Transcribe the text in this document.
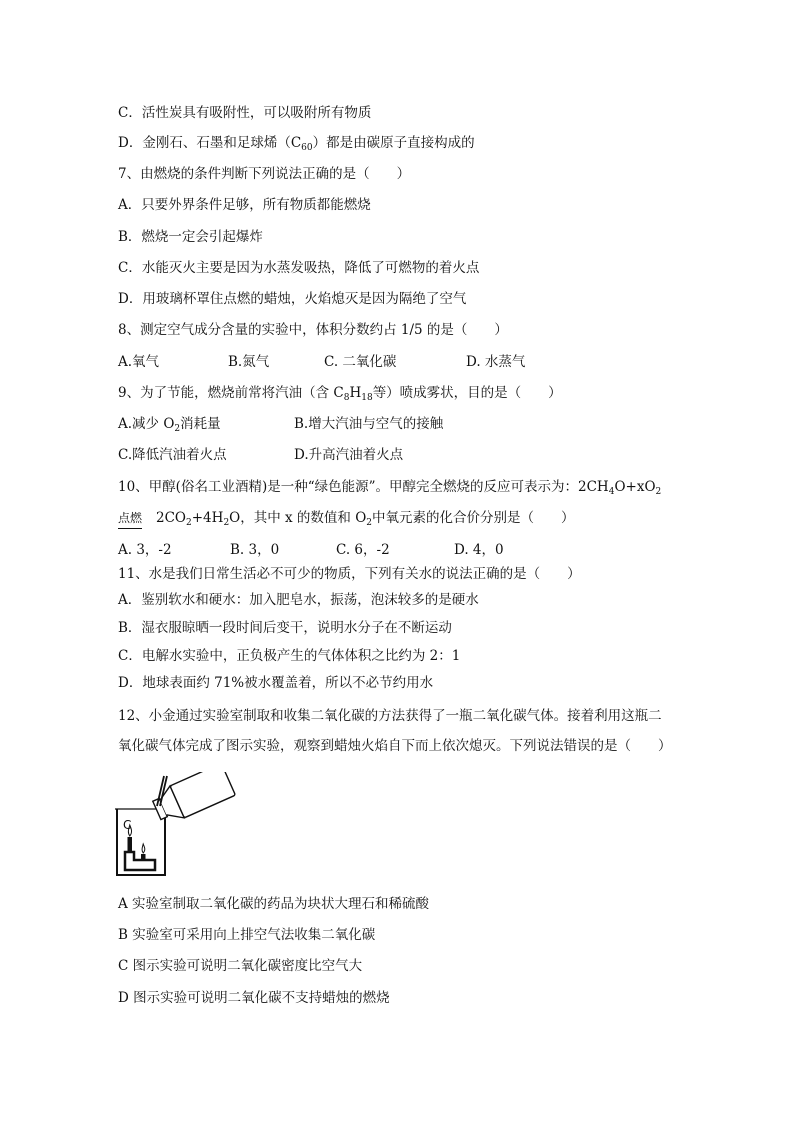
C．活性炭具有吸附性，可以吸附所有物质
D．金刚石、石墨和足球烯$(C_{60})$都是由碳原子直接构成的
7、由燃烧的条件判断下列说法正确的是（　　）
A．只要外界条件足够，所有物质都能燃烧
B．燃烧一定会引起爆炸
C．水能灭火主要是因为水蒸发吸热，降低了可燃物的着火点
D．用玻璃杯罩住点燃的蜡烛，火焰熄灭是因为隔绝了空气
8、测定空气成分含量的实验中，体积分数约占 1/5 的是（　　）
A.氧气	B.氮气	C. 二氧化碳	D. 水蒸气
9、为了节能，燃烧前常将汽油（含 $C_8H_{18}$等）喷成雾状，目的是（　　）
A.减少 $O_2$消耗量	B.增大汽油与空气的接触
C.降低汽油着火点	D.升高汽油着火点
10、甲醇(俗名工业酒精)是一种“绿色能源”。甲醇完全燃烧的反应可表示为：$2CH_4O+xO_2$
点燃 $2CO_2+4H_2O$，其中 x 的数值和 $O_2$中氧元素的化合价分别是（　　）
A. 3，-2	B. 3，0	C. 6，-2	D. 4，0
11、水是我们日常生活必不可少的物质，下列有关水的说法正确的是（　　）
A．鉴别软水和硬水：加入肥皂水，振荡，泡沫较多的是硬水
B．湿衣服晾晒一段时间后变干，说明水分子在不断运动
C．电解水实验中，正负极产生的气体体积之比约为 2：1
D．地球表面约 71%被水覆盖着，所以不必节约用水
12、小金通过实验室制取和收集二氧化碳的方法获得了一瓶二氧化碳气体。接着利用这瓶二
氧化碳气体完成了图示实验，观察到蜡烛火焰自下而上依次熄灭。下列说法错误的是（　　）
C
A 实验室制取二氧化碳的药品为块状大理石和稀硫酸
B 实验室可采用向上排空气法收集二氧化碳
C 图示实验可说明二氧化碳密度比空气大
D 图示实验可说明二氧化碳不支持蜡烛的燃烧
